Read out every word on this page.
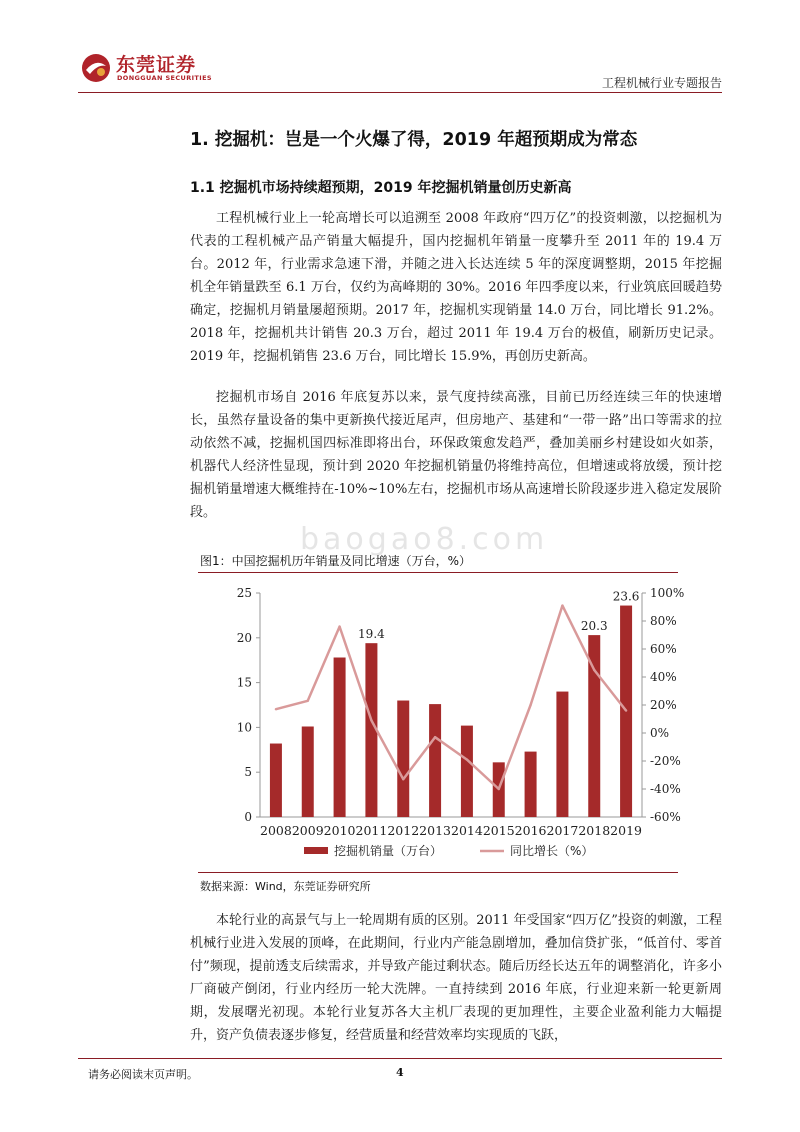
东莞证券
DONGGUAN SECURITIES	工程机械行业专题报告
1. 挖掘机：岂是一个火爆了得，2019 年超预期成为常态
1.1 挖掘机市场持续超预期，2019 年挖掘机销量创历史新高

工程机械行业上一轮高增长可以追溯至 2008 年政府“四万亿”的投资刺激，以挖掘机为代表的工程机械产品产销量大幅提升，国内挖掘机年销量一度攀升至 2011 年的 19.4 万台。2012 年，行业需求急速下滑，并随之进入长达连续 5 年的深度调整期，2015 年挖掘机全年销量跌至 6.1 万台，仅约为高峰期的 30%。2016 年四季度以来，行业筑底回暖趋势确定，挖掘机月销量屡超预期。2017 年，挖掘机实现销量 14.0 万台，同比增长 91.2%。2018 年，挖掘机共计销售 20.3 万台，超过 2011 年 19.4 万台的极值，刷新历史记录。2019 年，挖掘机销售 23.6 万台，同比增长 15.9%，再创历史新高。

挖掘机市场自 2016 年底复苏以来，景气度持续高涨，目前已历经连续三年的快速增长，虽然存量设备的集中更新换代接近尾声，但房地产、基建和“一带一路”出口等需求的拉动依然不减，挖掘机国四标准即将出台，环保政策愈发趋严，叠加美丽乡村建设如火如荼，机器代人经济性显现，预计到 2020 年挖掘机销量仍将维持高位，但增速或将放缓，预计挖掘机销量增速大概维持在-10%~10%左右，挖掘机市场从高速增长阶段逐步进入稳定发展阶段。

baogao8.com
图1：中国挖掘机历年销量及同比增速（万台，%）
0
5
10
15
20
25
-60%
-40%
-20%
0%
20%
40%
60%
80%
100%
2008 2009 2010 2011 2012 2013 2014 2015 2016 2017 2018 2019
19.4
20.3
23.6
挖掘机销量（万台）	同比增长（%）
数据来源：Wind，东莞证券研究所

本轮行业的高景气与上一轮周期有质的区别。2011 年受国家“四万亿”投资的刺激，工程机械行业进入发展的顶峰，在此期间，行业内产能急剧增加，叠加信贷扩张，“低首付、零首付”频现，提前透支后续需求，并导致产能过剩状态。随后历经长达五年的调整消化，许多小厂商破产倒闭，行业内经历一轮大洗牌。一直持续到 2016 年底，行业迎来新一轮更新周期，发展曙光初现。本轮行业复苏各大主机厂表现的更加理性，主要企业盈利能力大幅提升，资产负债表逐步修复，经营质量和经营效率均实现质的飞跃，

请务必阅读末页声明。	4
